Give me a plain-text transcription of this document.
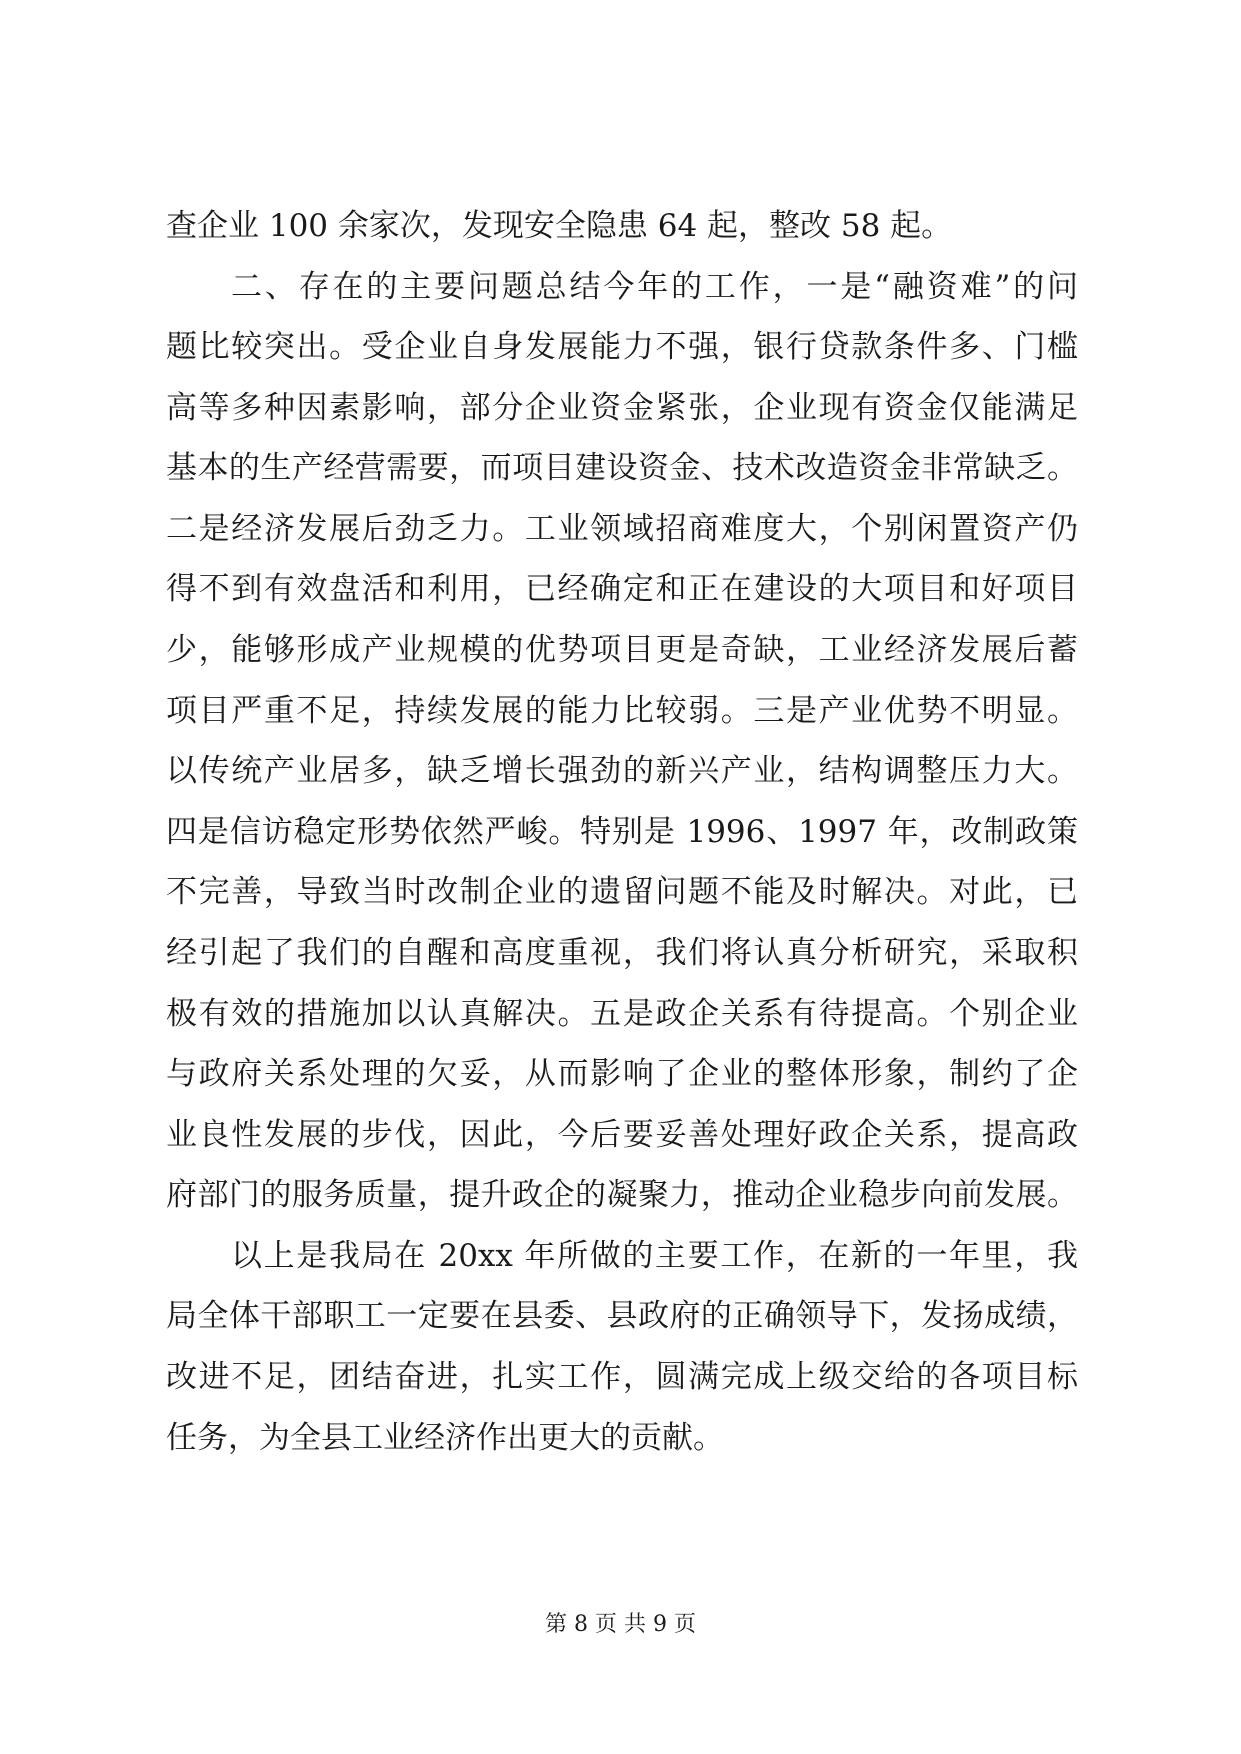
查企业 100 余家次，发现安全隐患 64 起，整改 58 起。
二、存在的主要问题总结今年的工作，一是“融资难”的问
题比较突出。受企业自身发展能力不强，银行贷款条件多、门槛
高等多种因素影响，部分企业资金紧张，企业现有资金仅能满足
基本的生产经营需要，而项目建设资金、技术改造资金非常缺乏。
二是经济发展后劲乏力。工业领域招商难度大，个别闲置资产仍
得不到有效盘活和利用，已经确定和正在建设的大项目和好项目
少，能够形成产业规模的优势项目更是奇缺，工业经济发展后蓄
项目严重不足，持续发展的能力比较弱。三是产业优势不明显。
以传统产业居多，缺乏增长强劲的新兴产业，结构调整压力大。
四是信访稳定形势依然严峻。特别是 1996、1997 年，改制政策
不完善，导致当时改制企业的遗留问题不能及时解决。对此，已
经引起了我们的自醒和高度重视，我们将认真分析研究，采取积
极有效的措施加以认真解决。五是政企关系有待提高。个别企业
与政府关系处理的欠妥，从而影响了企业的整体形象，制约了企
业良性发展的步伐，因此，今后要妥善处理好政企关系，提高政
府部门的服务质量，提升政企的凝聚力，推动企业稳步向前发展。
以上是我局在 20xx 年所做的主要工作，在新的一年里，我
局全体干部职工一定要在县委、县政府的正确领导下，发扬成绩，
改进不足，团结奋进，扎实工作，圆满完成上级交给的各项目标
任务，为全县工业经济作出更大的贡献。
第 8 页 共 9 页
